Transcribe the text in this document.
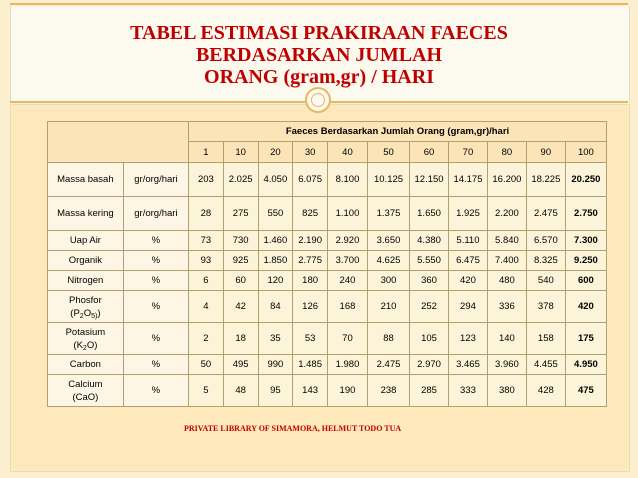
TABEL ESTIMASI PRAKIRAAN FAECES
BERDASARKAN JUMLAH
ORANG (gram,gr) / HARI
		Faeces Berdasarkan Jumlah Orang (gram,gr)/hari										
		1	10	20	30	40	50	60	70	80	90	100
Massa basah	gr/org/hari	203	2.025	4.050	6.075	8.100	10.125	12.150	14.175	16.200	18.225	20.250
Massa kering	gr/org/hari	28	275	550	825	1.100	1.375	1.650	1.925	2.200	2.475	2.750
Uap Air	%	73	730	1.460	2.190	2.920	3.650	4.380	5.110	5.840	6.570	7.300
Organik	%	93	925	1.850	2.775	3.700	4.625	5.550	6.475	7.400	8.325	9.250
Nitrogen	%	6	60	120	180	240	300	360	420	480	540	600

Phosfor
$(P_2O_{5)})$	%	4	42	84	126	168	210	252	294	336	378	420

Potasium
$(K_2O)$	%	2	18	35	53	70	88	105	123	140	158	175
Carbon	%	50	495	990	1.485	1.980	2.475	2.970	3.465	3.960	4.455	4.950

Calcium
(CaO)	%	5	48	95	143	190	238	285	333	380	428	475
PRIVATE LIBRARY OF SIMAMORA, HELMUT TODO TUA
